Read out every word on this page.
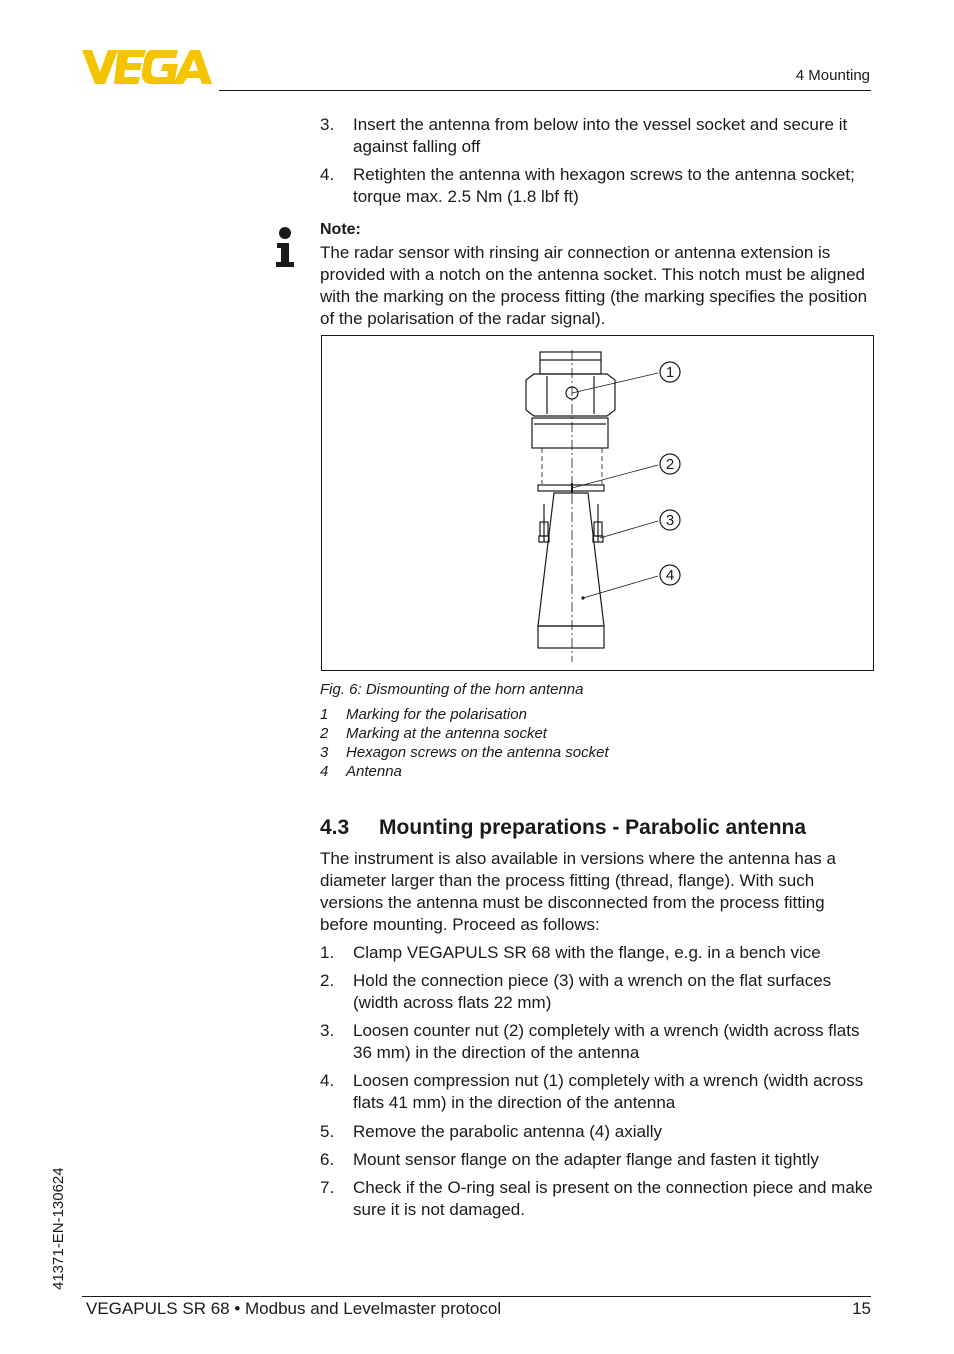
4 Mounting
3.	Insert the antenna from below into the vessel socket and secure it against falling off
4.	Retighten the antenna with hexagon screws to the antenna socket; torque max. 2.5 Nm (1.8 lbf ft)
Note:
The radar sensor with rinsing air connection or antenna extension is provided with a notch on the antenna socket. This notch must be aligned with the marking on the process fitting (the marking specifies the position of the polarisation of the radar signal).
1
2
3
4
Fig. 6: Dismounting of the horn antenna
1 Marking for the polarisation
2 Marking at the antenna socket
3 Hexagon screws on the antenna socket
4 Antenna
4.3 Mounting preparations - Parabolic antenna
The instrument is also available in versions where the antenna has a diameter larger than the process fitting (thread, flange). With such versions the antenna must be disconnected from the process fitting before mounting. Proceed as follows:
1.	Clamp VEGAPULS SR 68 with the flange, e.g. in a bench vice
2.	Hold the connection piece (3) with a wrench on the flat surfaces (width across flats 22 mm)
3.	Loosen counter nut (2) completely with a wrench (width across flats 36 mm) in the direction of the antenna
4.	Loosen compression nut (1) completely with a wrench (width across flats 41 mm) in the direction of the antenna
5.	Remove the parabolic antenna (4) axially
6.	Mount sensor flange on the adapter flange and fasten it tightly
7.	Check if the O-ring seal is present on the connection piece and make sure it is not damaged.
41371-EN-130624
VEGAPULS SR 68 • Modbus and Levelmaster protocol	15
